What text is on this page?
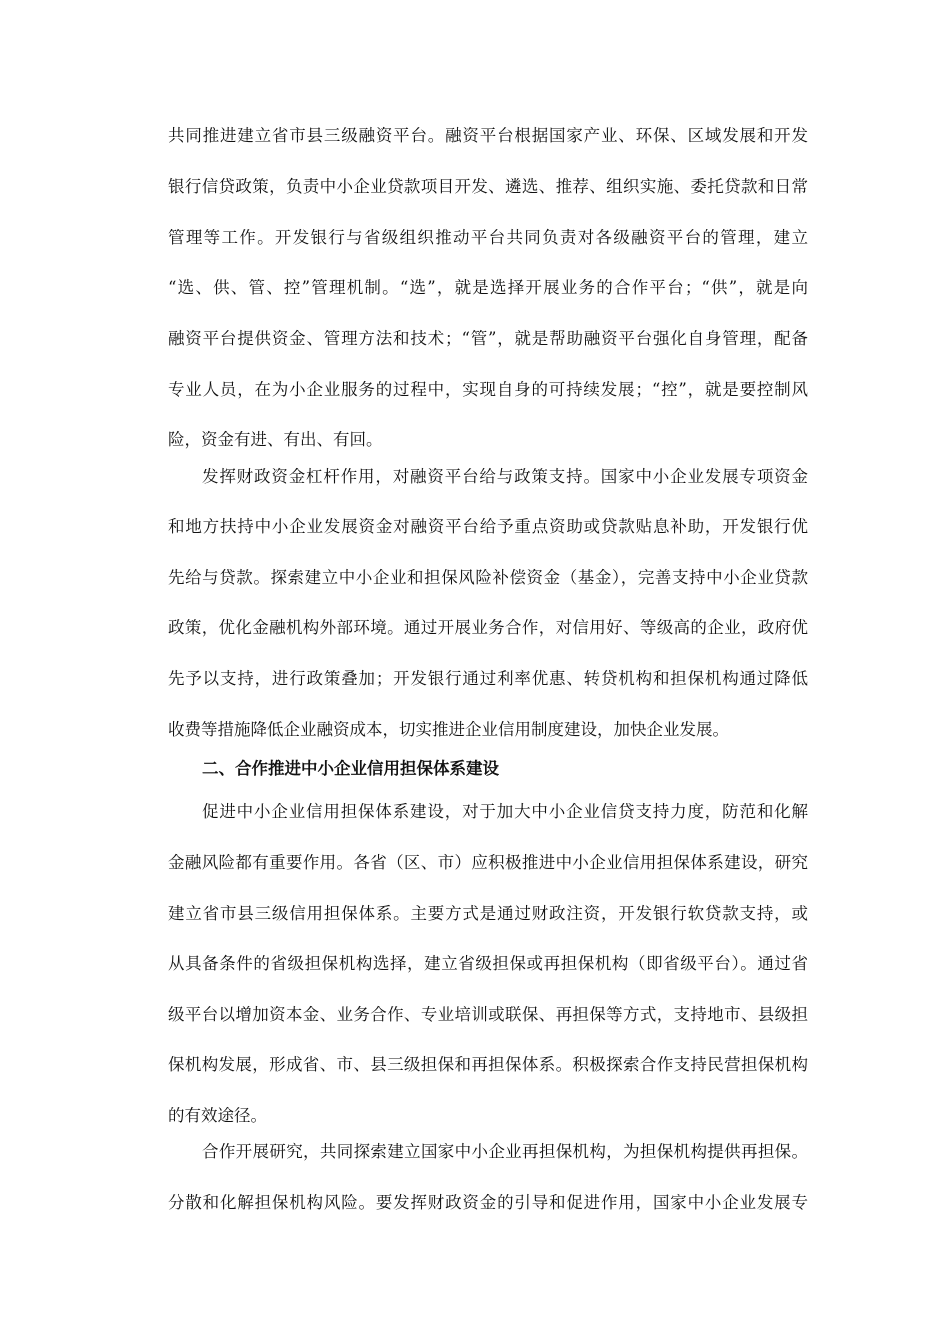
共同推进建立省市县三级融资平台。融资平台根据国家产业、环保、区域发展和开发
银行信贷政策，负责中小企业贷款项目开发、遴选、推荐、组织实施、委托贷款和日常
管理等工作。开发银行与省级组织推动平台共同负责对各级融资平台的管理，建立
“选、供、管、控”管理机制。“选”，就是选择开展业务的合作平台；“供”，就是向
融资平台提供资金、管理方法和技术；“管”，就是帮助融资平台强化自身管理，配备
专业人员，在为小企业服务的过程中，实现自身的可持续发展；“控”，就是要控制风
险，资金有进、有出、有回。
发挥财政资金杠杆作用，对融资平台给与政策支持。国家中小企业发展专项资金
和地方扶持中小企业发展资金对融资平台给予重点资助或贷款贴息补助，开发银行优
先给与贷款。探索建立中小企业和担保风险补偿资金（基金），完善支持中小企业贷款
政策，优化金融机构外部环境。通过开展业务合作，对信用好、等级高的企业，政府优
先予以支持，进行政策叠加；开发银行通过利率优惠、转贷机构和担保机构通过降低
收费等措施降低企业融资成本，切实推进企业信用制度建设，加快企业发展。
二、合作推进中小企业信用担保体系建设
促进中小企业信用担保体系建设，对于加大中小企业信贷支持力度，防范和化解
金融风险都有重要作用。各省（区、市）应积极推进中小企业信用担保体系建设，研究
建立省市县三级信用担保体系。主要方式是通过财政注资，开发银行软贷款支持，或
从具备条件的省级担保机构选择，建立省级担保或再担保机构（即省级平台）。通过省
级平台以增加资本金、业务合作、专业培训或联保、再担保等方式，支持地市、县级担
保机构发展，形成省、市、县三级担保和再担保体系。积极探索合作支持民营担保机构
的有效途径。
合作开展研究，共同探索建立国家中小企业再担保机构，为担保机构提供再担保。
分散和化解担保机构风险。要发挥财政资金的引导和促进作用，国家中小企业发展专
